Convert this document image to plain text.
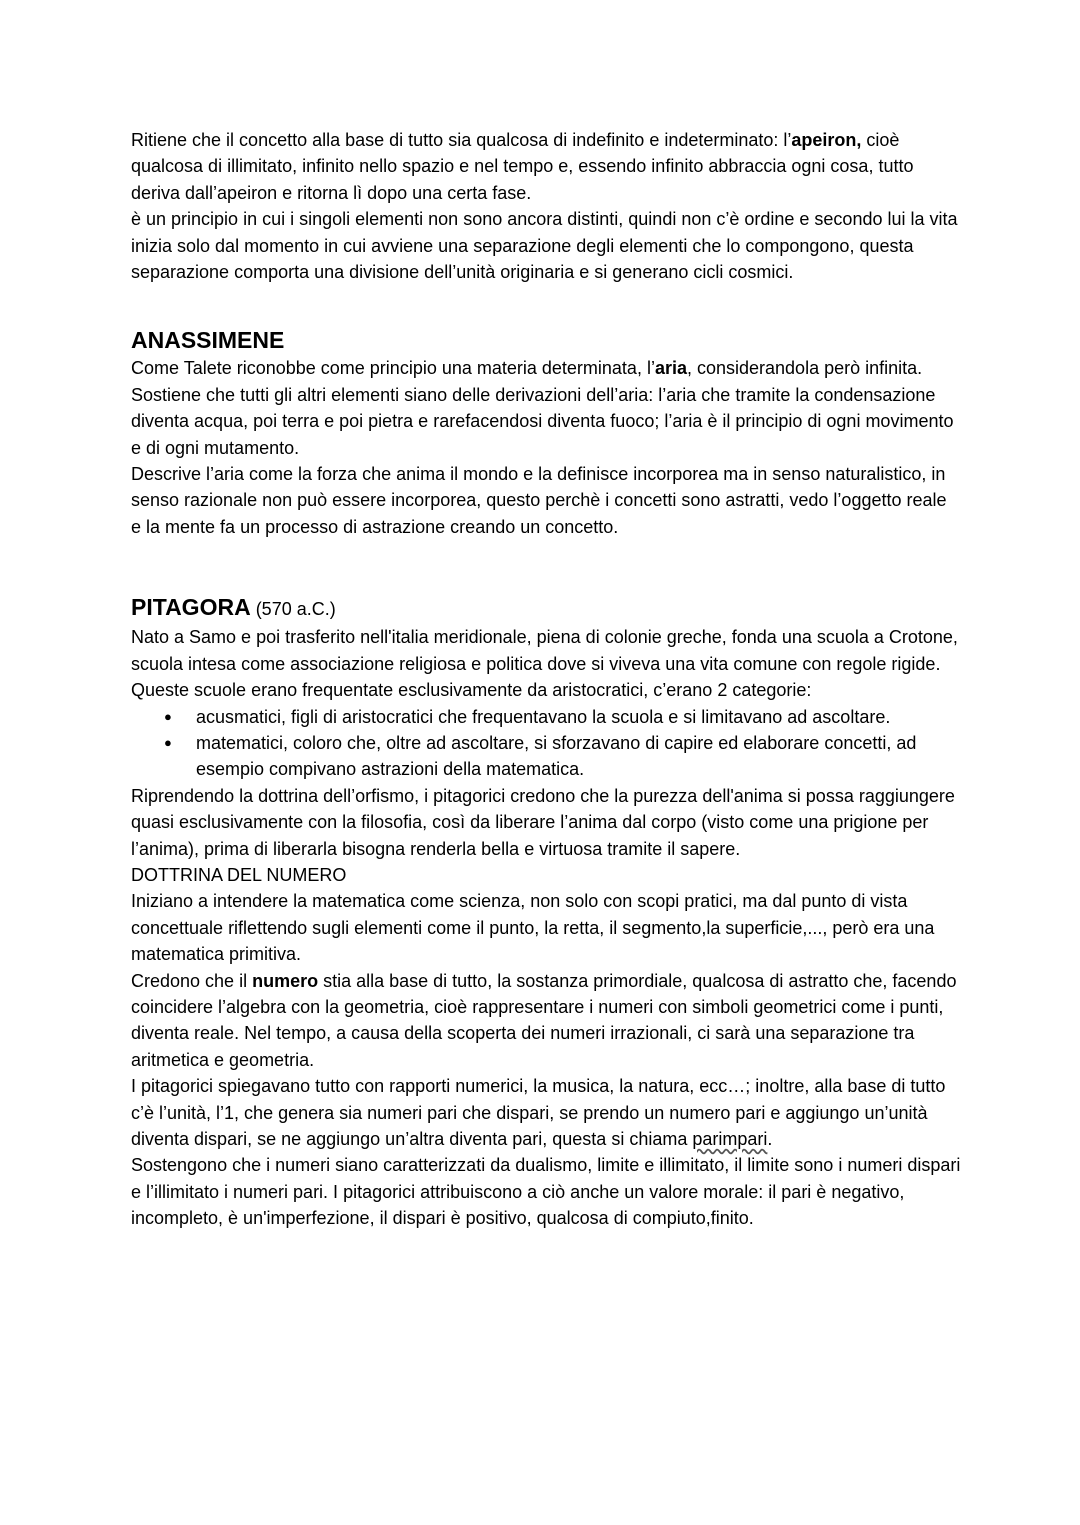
Ritiene che il concetto alla base di tutto sia qualcosa di indefinito e indeterminato: l’apeiron, cioè qualcosa di illimitato, infinito nello spazio e nel tempo e, essendo infinito abbraccia ogni cosa, tutto deriva dall’apeiron e ritorna lì dopo una certa fase.

è un principio in cui i singoli elementi non sono ancora distinti, quindi non c’è ordine e secondo lui la vita inizia solo dal momento in cui avviene una separazione degli elementi che lo compongono, questa separazione comporta una divisione dell’unità originaria e si generano cicli cosmici.

ANASSIMENE

Come Talete riconobbe come principio una materia determinata, l’aria, considerandola però infinita. Sostiene che tutti gli altri elementi siano delle derivazioni dell’aria: l’aria che tramite la condensazione diventa acqua, poi terra e poi pietra e rarefacendosi diventa fuoco; l’aria è il principio di ogni movimento e di ogni mutamento.

Descrive l’aria come la forza che anima il mondo e la definisce incorporea ma in senso naturalistico, in senso razionale non può essere incorporea, questo perchè i concetti sono astratti, vedo l’oggetto reale e la mente fa un processo di astrazione creando un concetto.

PITAGORA (570 a.C.)

Nato a Samo e poi trasferito nell'italia meridionale, piena di colonie greche, fonda una scuola a Crotone, scuola intesa come associazione religiosa e politica dove si viveva una vita comune con regole rigide.

Queste scuole erano frequentate esclusivamente da aristocratici, c’erano 2 categorie:

● acusmatici, figli di aristocratici che frequentavano la scuola e si limitavano ad ascoltare.
● matematici, coloro che, oltre ad ascoltare, si sforzavano di capire ed elaborare concetti, ad esempio compivano astrazioni della matematica.

Riprendendo la dottrina dell’orfismo, i pitagorici credono che la purezza dell'anima si possa raggiungere quasi esclusivamente con la filosofia, così da liberare l’anima dal corpo (visto come una prigione per l’anima), prima di liberarla bisogna renderla bella e virtuosa tramite il sapere.

DOTTRINA DEL NUMERO

Iniziano a intendere la matematica come scienza, non solo con scopi pratici, ma dal punto di vista concettuale riflettendo sugli elementi come il punto, la retta, il segmento,la superficie,..., però era una matematica primitiva.

Credono che il numero stia alla base di tutto, la sostanza primordiale, qualcosa di astratto che, facendo coincidere l’algebra con la geometria, cioè rappresentare i numeri con simboli geometrici come i punti, diventa reale. Nel tempo, a causa della scoperta dei numeri irrazionali, ci sarà una separazione tra aritmetica e geometria.

I pitagorici spiegavano tutto con rapporti numerici, la musica, la natura, ecc…; inoltre, alla base di tutto c’è l’unità, l’1, che genera sia numeri pari che dispari, se prendo un numero pari e aggiungo un’unità diventa dispari, se ne aggiungo un’altra diventa pari, questa si chiama parimpari.

Sostengono che i numeri siano caratterizzati da dualismo, limite e illimitato, il limite sono i numeri dispari e l’illimitato i numeri pari. I pitagorici attribuiscono a ciò anche un valore morale: il pari è negativo, incompleto, è un'imperfezione, il dispari è positivo, qualcosa di compiuto,finito.
